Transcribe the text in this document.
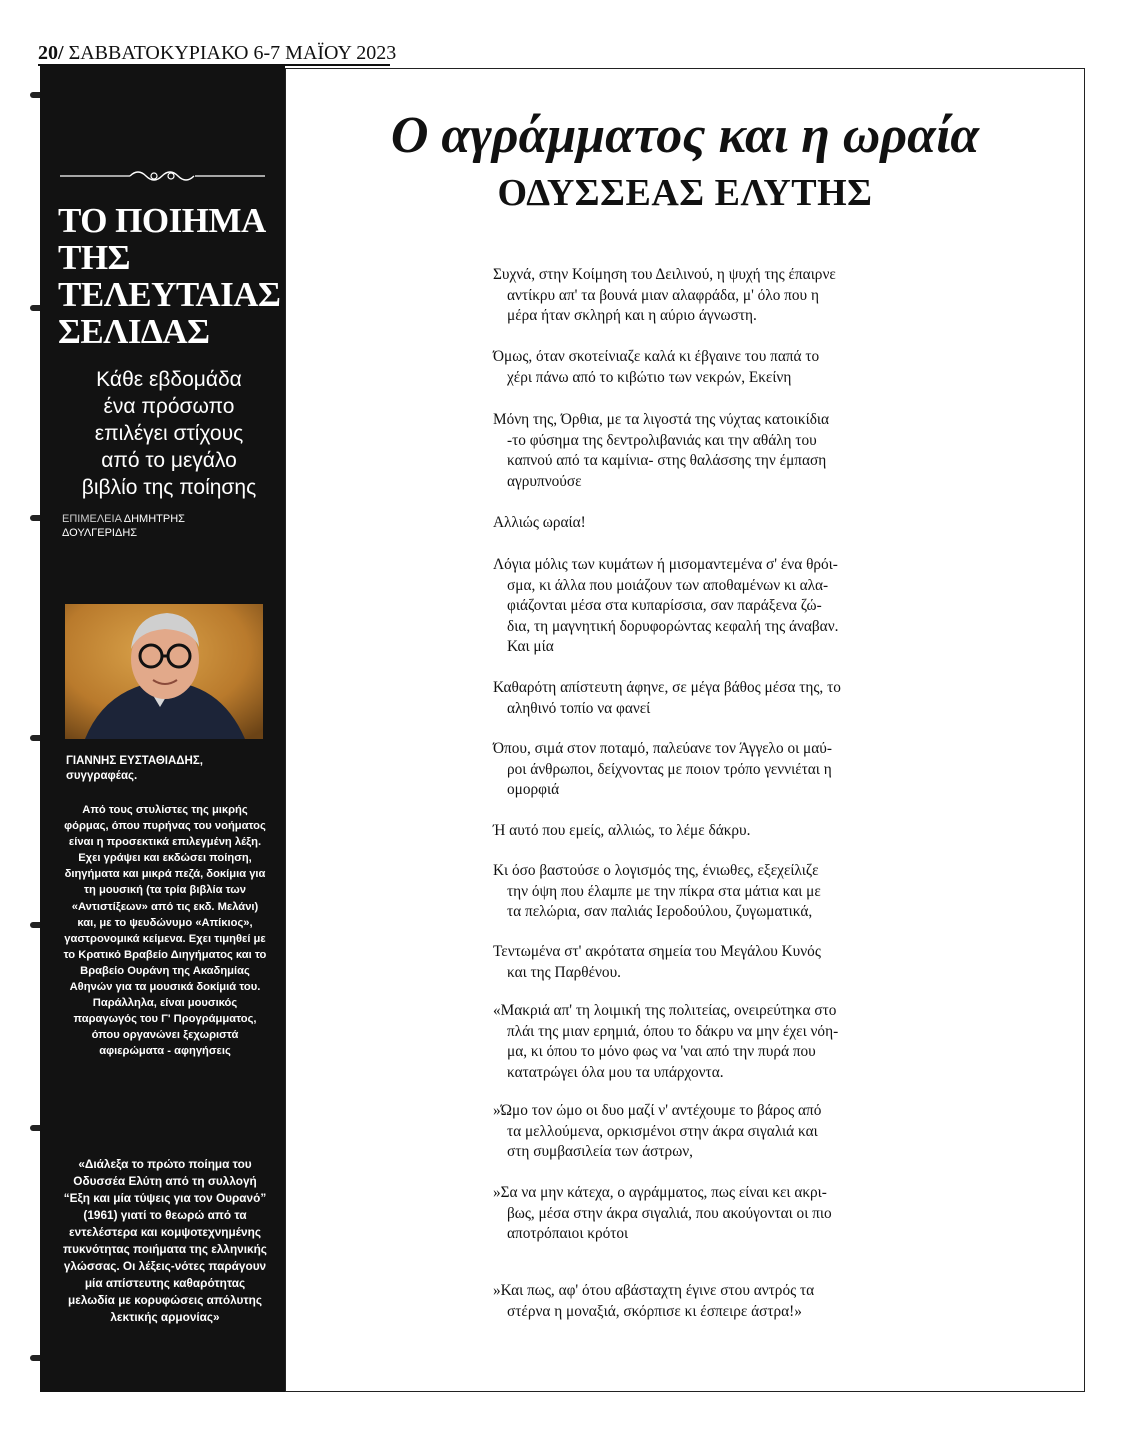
20/ ΣΑΒΒΑΤΟΚΥΡΙΑΚΟ 6-7 ΜΑΪΟΥ 2023
ΤΟ ΠΟΙΗΜΑ
ΤΗΣ
ΤΕΛΕΥΤΑΙΑΣ
ΣΕΛΙΔΑΣ

Κάθε εβδομάδα
ένα πρόσωπο
επιλέγει στίχους
από το μεγάλο
βιβλίο της ποίησης

ΕΠΙΜΕΛΕΙΑ ΔΗΜΗΤΡΗΣ
ΔΟΥΛΓΕΡΙΔΗΣ
ΓΙΑΝΝΗΣ ΕΥΣΤΑΘΙΑΔΗΣ,
συγγραφέας.

Από τους στυλίστες της μικρής φόρμας, όπου πυρήνας του νοήματος είναι η προσεκτικά επιλεγμένη λέξη. Εχει γράψει και εκδώσει ποίηση, διηγήματα και μικρά πεζά, δοκίμια για τη μουσική (τα τρία βιβλία των «Αντιστίξεων» από τις εκδ. Μελάνι) και, με το ψευδώνυμο «Απίκιος», γαστρονομικά κείμενα. Εχει τιμηθεί με το Κρατικό Βραβείο Διηγήματος και το Βραβείο Ουράνη της Ακαδημίας Αθηνών για τα μουσικά δοκίμιά του. Παράλληλα, είναι μουσικός παραγωγός του Γ' Προγράμματος, όπου οργανώνει ξεχωριστά αφιερώματα - αφηγήσεις

«Διάλεξα το πρώτο ποίημα του Οδυσσέα Ελύτη από τη συλλογή “Εξη και μία τύψεις για τον Ουρανό” (1961) γιατί το θεωρώ από τα εντελέστερα και κομψοτεχνημένης πυκνότητας ποιήματα της ελληνικής γλώσσας. Οι λέξεις-νότες παράγουν μία απίστευτης καθαρότητας μελωδία με κορυφώσεις απόλυτης λεκτικής αρμονίας»

Ο αγράμματος και η ωραία
ΟΔΥΣΣΕΑΣ ΕΛΥΤΗΣ

Συχνά, στην Κοίμηση του Δειλινού, η ψυχή της έπαιρνε
αντίκρυ απ' τα βουνά μιαν αλαφράδα, μ' όλο που η
μέρα ήταν σκληρή και η αύριο άγνωστη.

Όμως, όταν σκοτείνιαζε καλά κι έβγαινε του παπά το
χέρι πάνω από το κιβώτιο των νεκρών, Εκείνη

Μόνη της, Όρθια, με τα λιγοστά της νύχτας κατοικίδια
-το φύσημα της δεντρολιβανιάς και την αθάλη του
καπνού από τα καμίνια- στης θαλάσσης την έμπαση
αγρυπνούσε

Αλλιώς ωραία!

Λόγια μόλις των κυμάτων ή μισομαντεμένα σ' ένα θρόι-
σμα, κι άλλα που μοιάζουν των αποθαμένων κι αλα-
φιάζονται μέσα στα κυπαρίσσια, σαν παράξενα ζώ-
δια, τη μαγνητική δορυφορώντας κεφαλή της άναβαν.
Και μία

Καθαρότη απίστευτη άφηνε, σε μέγα βάθος μέσα της, το
αληθινό τοπίο να φανεί

Όπου, σιμά στον ποταμό, παλεύανε τον Άγγελο οι μαύ-
ροι άνθρωποι, δείχνοντας με ποιον τρόπο γεννιέται η
ομορφιά

Ή αυτό που εμείς, αλλιώς, το λέμε δάκρυ.

Κι όσο βαστούσε ο λογισμός της, ένιωθες, εξεχείλιζε
την όψη που έλαμπε με την πίκρα στα μάτια και με
τα πελώρια, σαν παλιάς Ιεροδούλου, ζυγωματικά,

Τεντωμένα στ' ακρότατα σημεία του Μεγάλου Κυνός
και της Παρθένου.

«Μακριά απ' τη λοιμική της πολιτείας, ονειρεύτηκα στο
πλάι της μιαν ερημιά, όπου το δάκρυ να μην έχει νόη-
μα, κι όπου το μόνο φως να 'ναι από την πυρά που
κατατρώγει όλα μου τα υπάρχοντα.

»Ώμο τον ώμο οι δυο μαζί ν' αντέχουμε το βάρος από
τα μελλούμενα, ορκισμένοι στην άκρα σιγαλιά και
στη συμβασιλεία των άστρων,

»Σα να μην κάτεχα, ο αγράμματος, πως είναι κει ακρι-
βως, μέσα στην άκρα σιγαλιά, που ακούγονται οι πιο
αποτρόπαιοι κρότοι

»Και πως, αφ' ότου αβάσταχτη έγινε στου αντρός τα
στέρνα η μοναξιά, σκόρπισε κι έσπειρε άστρα!»
